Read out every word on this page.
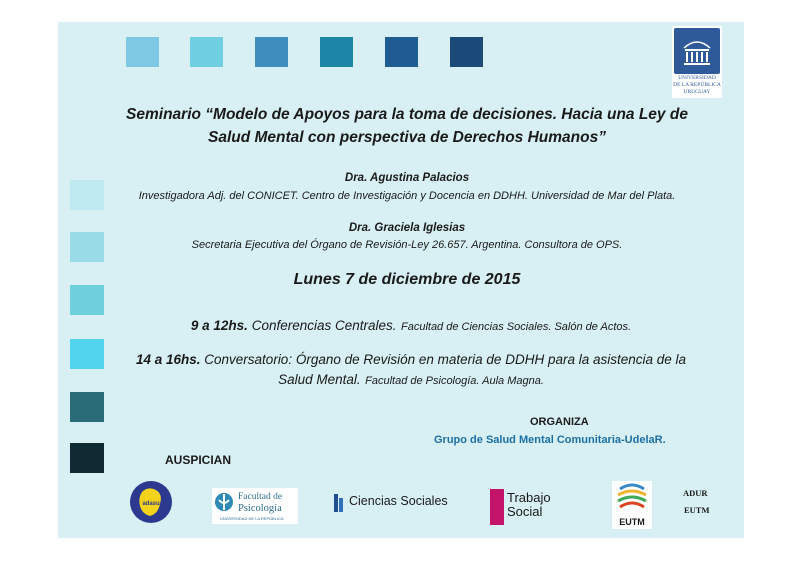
UNIVERSIDAD
DE LA REPÚBLICA
URUGUAY
Seminario “Modelo de Apoyos para la toma de decisiones. Hacia una Ley de
Salud Mental con perspectiva de Derechos Humanos”
Dra. Agustina Palacios
Investigadora Adj. del CONICET. Centro de Investigación y Docencia en DDHH. Universidad de Mar del Plata.
Dra. Graciela Iglesias
Secretaria Ejecutiva del Órgano de Revisión-Ley 26.657. Argentina. Consultora de OPS.
Lunes 7 de diciembre de 2015
9 a 12hs. Conferencias Centrales. Facultad de Ciencias Sociales. Salón de Actos.
14 a 16hs. Conversatorio: Órgano de Revisión en materia de DDHH para la asistencia de la
Salud Mental. Facultad de Psicología. Aula Magna.
ORGANIZA
Grupo de Salud Mental Comunitaria-UdelaR.
AUSPICIAN
adasu
Facultad de
Psicología
UNIVERSIDAD DE LA REPÚBLICA
Ciencias Sociales	Trabajo
Social
EUTM
ADUR
EUTM
